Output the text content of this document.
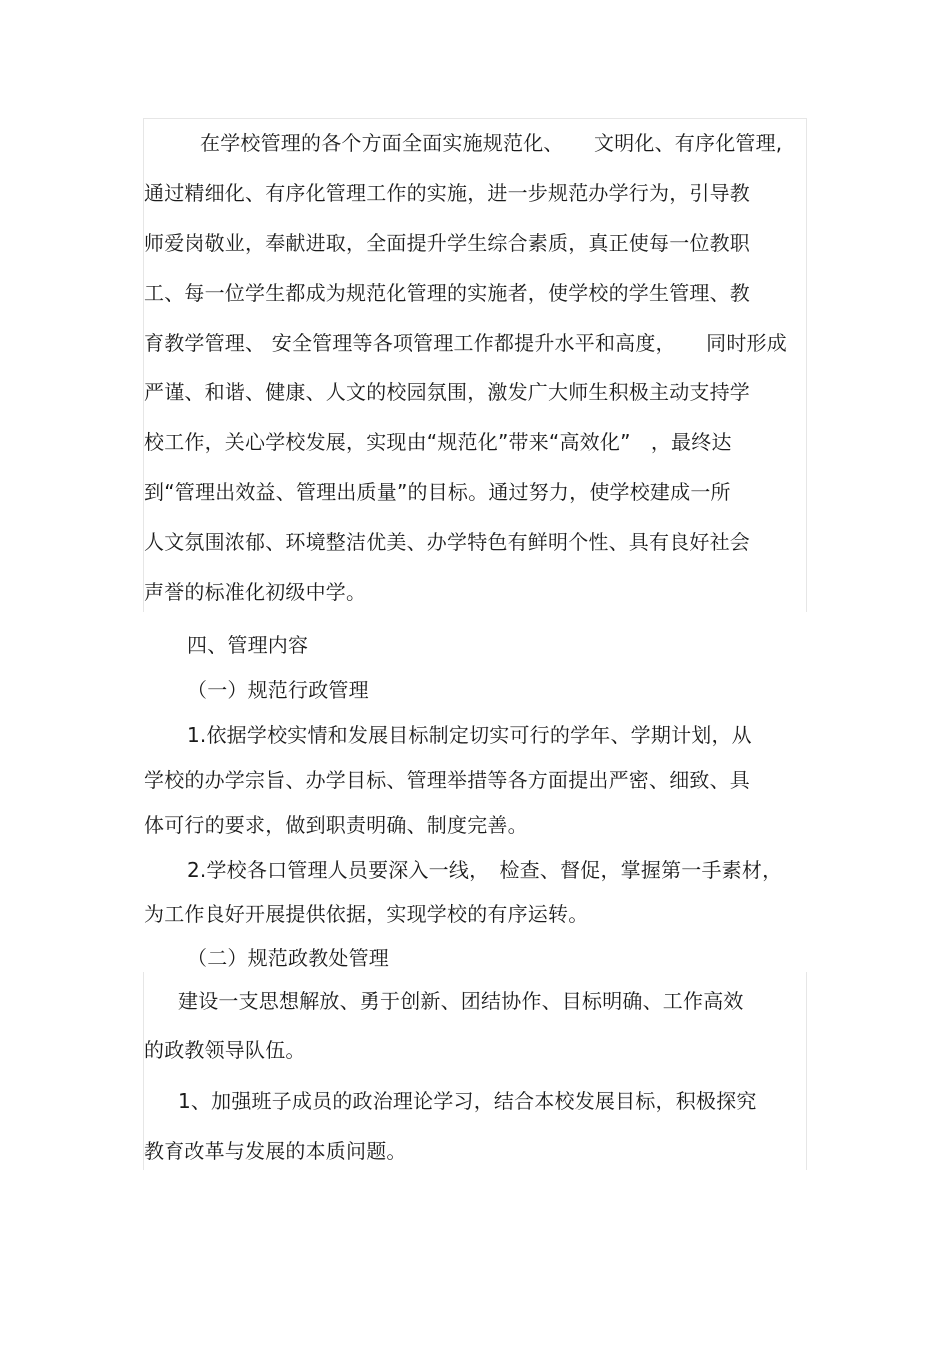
在学校管理的各个方面全面实施规范化、　　文明化、有序化管理,
通过精细化、有序化管理工作的实施，进一步规范办学行为，引导教
师爱岗敬业，奉献进取，全面提升学生综合素质，真正使每一位教职
工、每一位学生都成为规范化管理的实施者，使学校的学生管理、教
育教学管理、 安全管理等各项管理工作都提升水平和高度，　　同时形成
严谨、和谐、健康、人文的校园氛围，激发广大师生积极主动支持学
校工作，关心学校发展，实现由“规范化”带来“高效化”　，最终达
到“管理出效益、管理出质量”的目标。通过努力，使学校建成一所
人文氛围浓郁、环境整洁优美、办学特色有鲜明个性、具有良好社会
声誉的标准化初级中学。
四、管理内容
（一）规范行政管理
1.依据学校实情和发展目标制定切实可行的学年、学期计划，从
学校的办学宗旨、办学目标、管理举措等各方面提出严密、细致、具
体可行的要求，做到职责明确、制度完善。
2.学校各口管理人员要深入一线，　检查、督促，掌握第一手素材，
为工作良好开展提供依据，实现学校的有序运转。
（二）规范政教处管理
建设一支思想解放、勇于创新、团结协作、目标明确、工作高效
的政教领导队伍。
1、加强班子成员的政治理论学习，结合本校发展目标，积极探究
教育改革与发展的本质问题。
